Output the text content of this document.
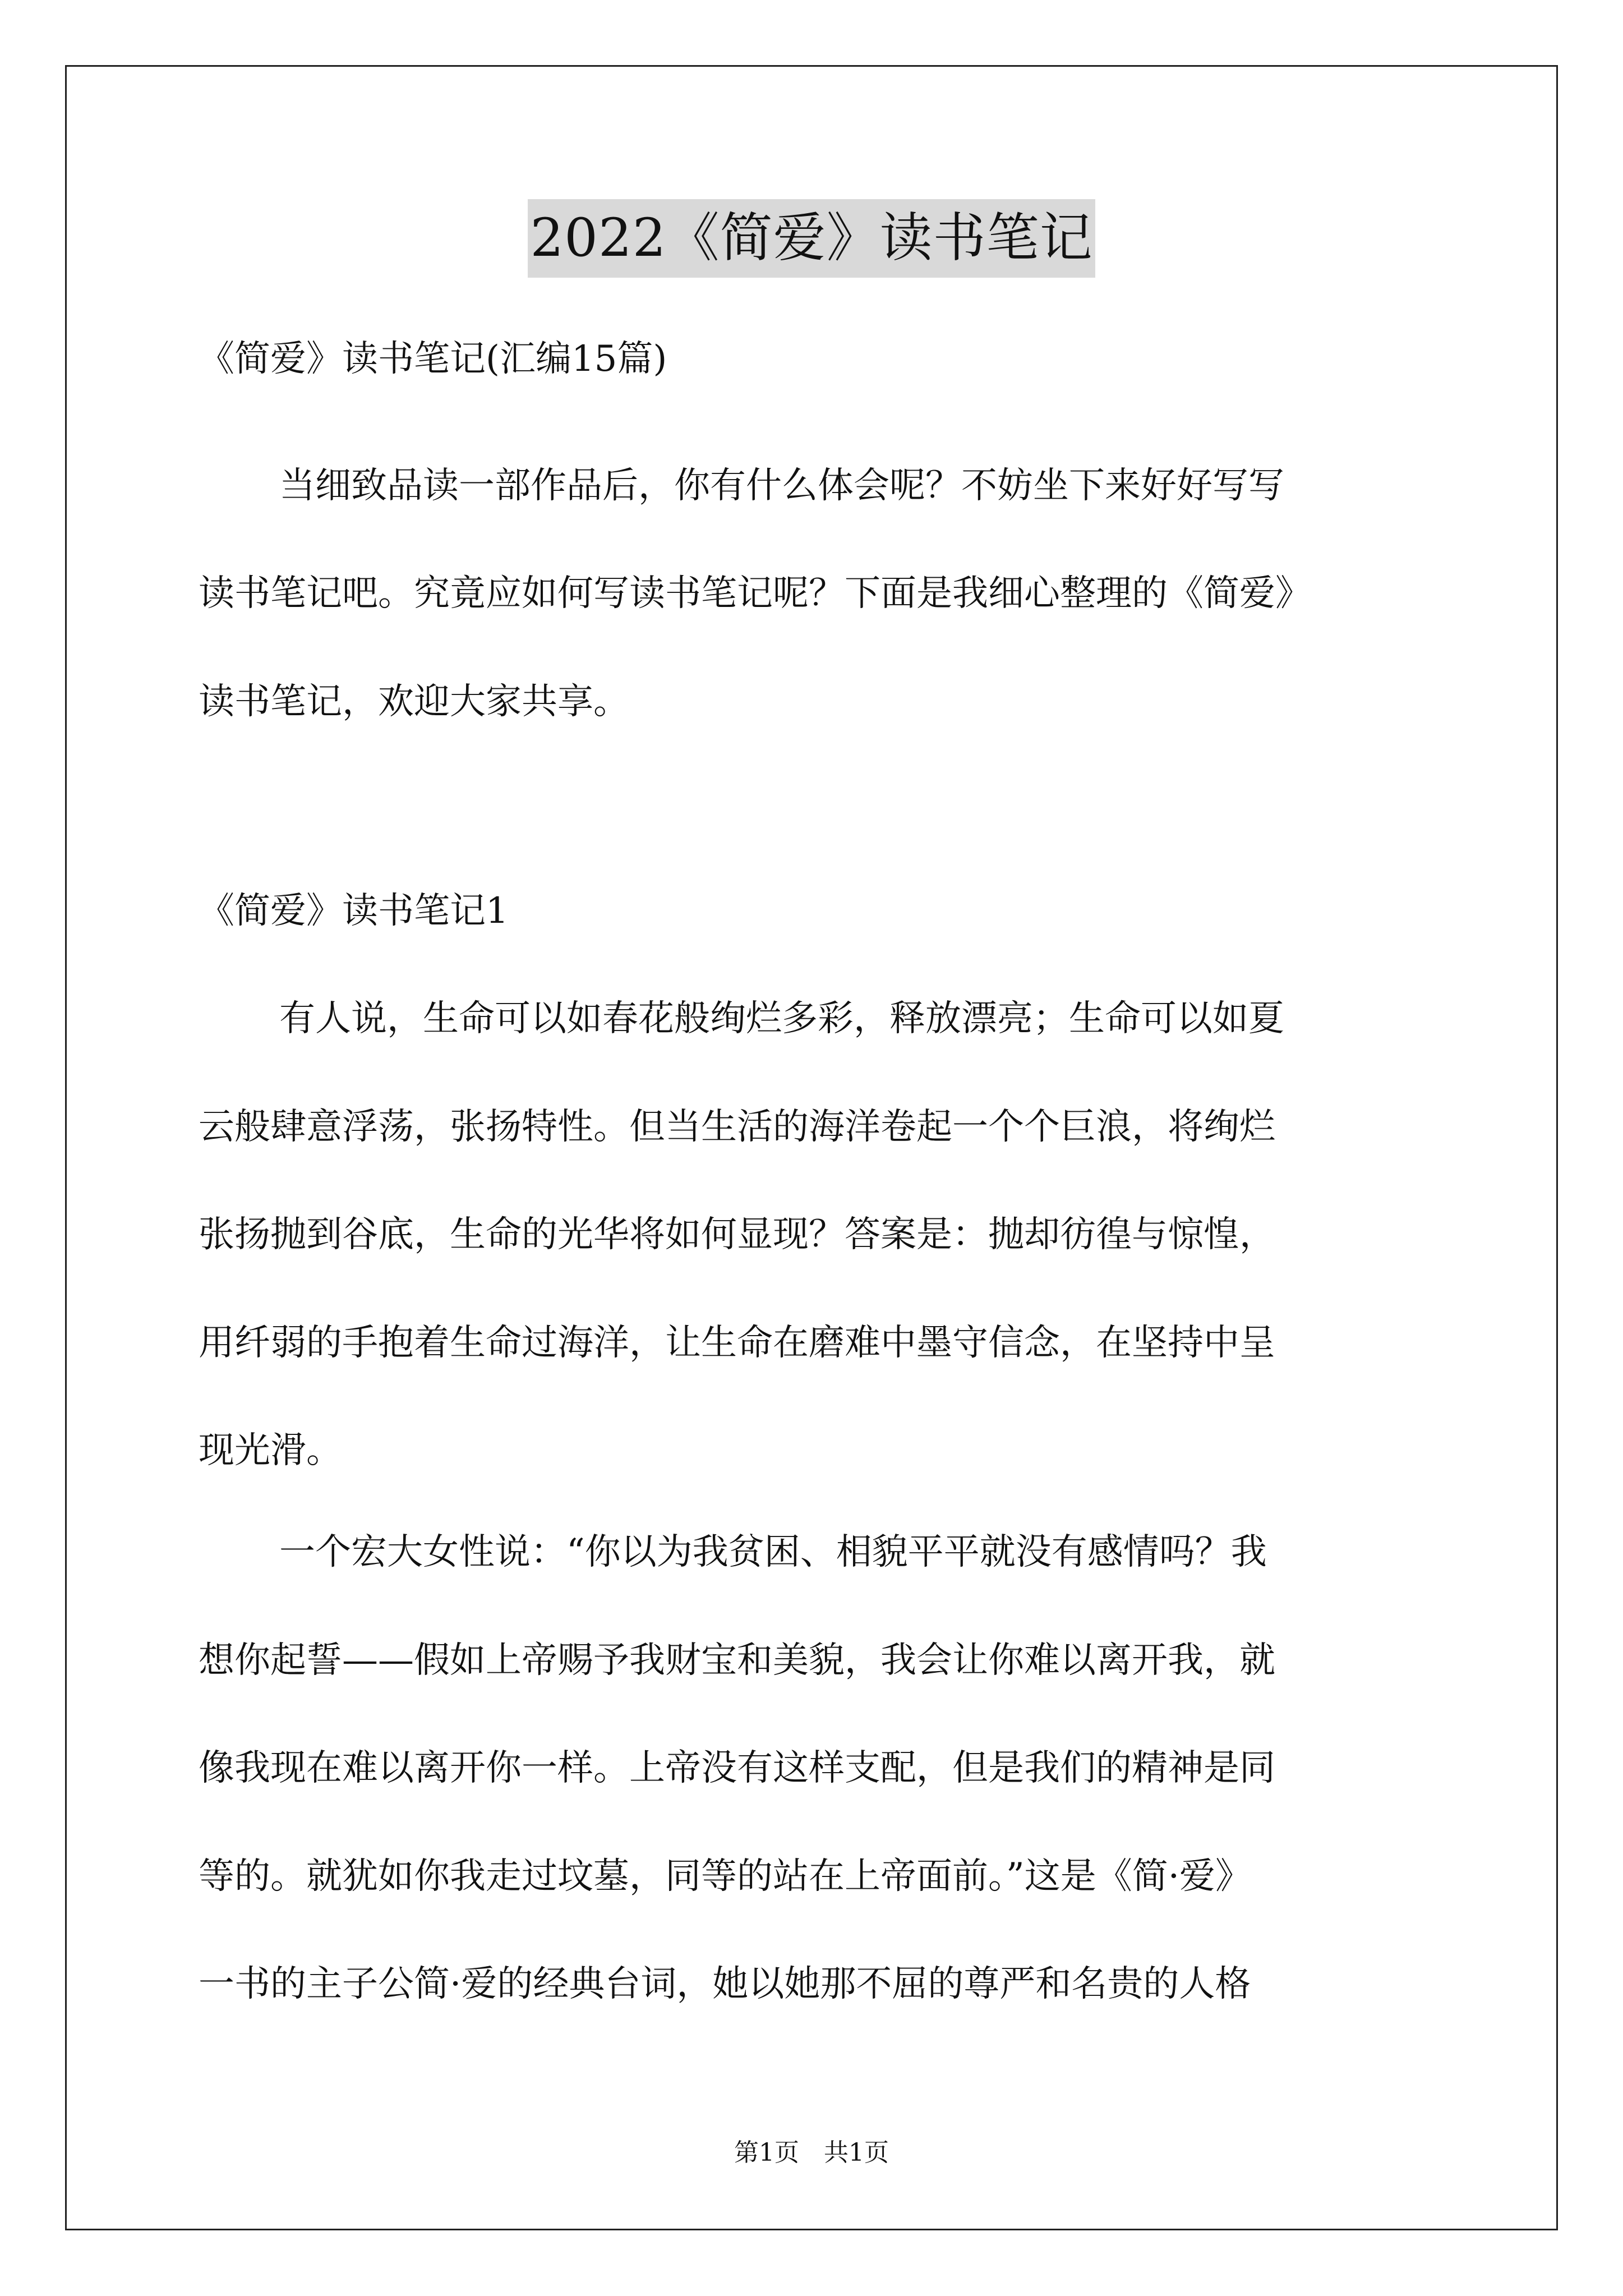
2022《简爱》读书笔记
《简爱》读书笔记(汇编15篇)
当细致品读一部作品后，你有什么体会呢？不妨坐下来好好写写
读书笔记吧。究竟应如何写读书笔记呢？下面是我细心整理的《简爱》
读书笔记，欢迎大家共享。
《简爱》读书笔记1
有人说，生命可以如春花般绚烂多彩，释放漂亮；生命可以如夏
云般肆意浮荡，张扬特性。但当生活的海洋卷起一个个巨浪，将绚烂
张扬抛到谷底，生命的光华将如何显现？答案是：抛却彷徨与惊惶，
用纤弱的手抱着生命过海洋，让生命在磨难中墨守信念，在坚持中呈
现光滑。
一个宏大女性说：“你以为我贫困、相貌平平就没有感情吗？我
想你起誓——假如上帝赐予我财宝和美貌，我会让你难以离开我，就
像我现在难以离开你一样。上帝没有这样支配，但是我们的精神是同
等的。就犹如你我走过坟墓，同等的站在上帝面前。”这是《简·爱》
一书的主子公简·爱的经典台词，她以她那不屈的尊严和名贵的人格
第1页　共1页
